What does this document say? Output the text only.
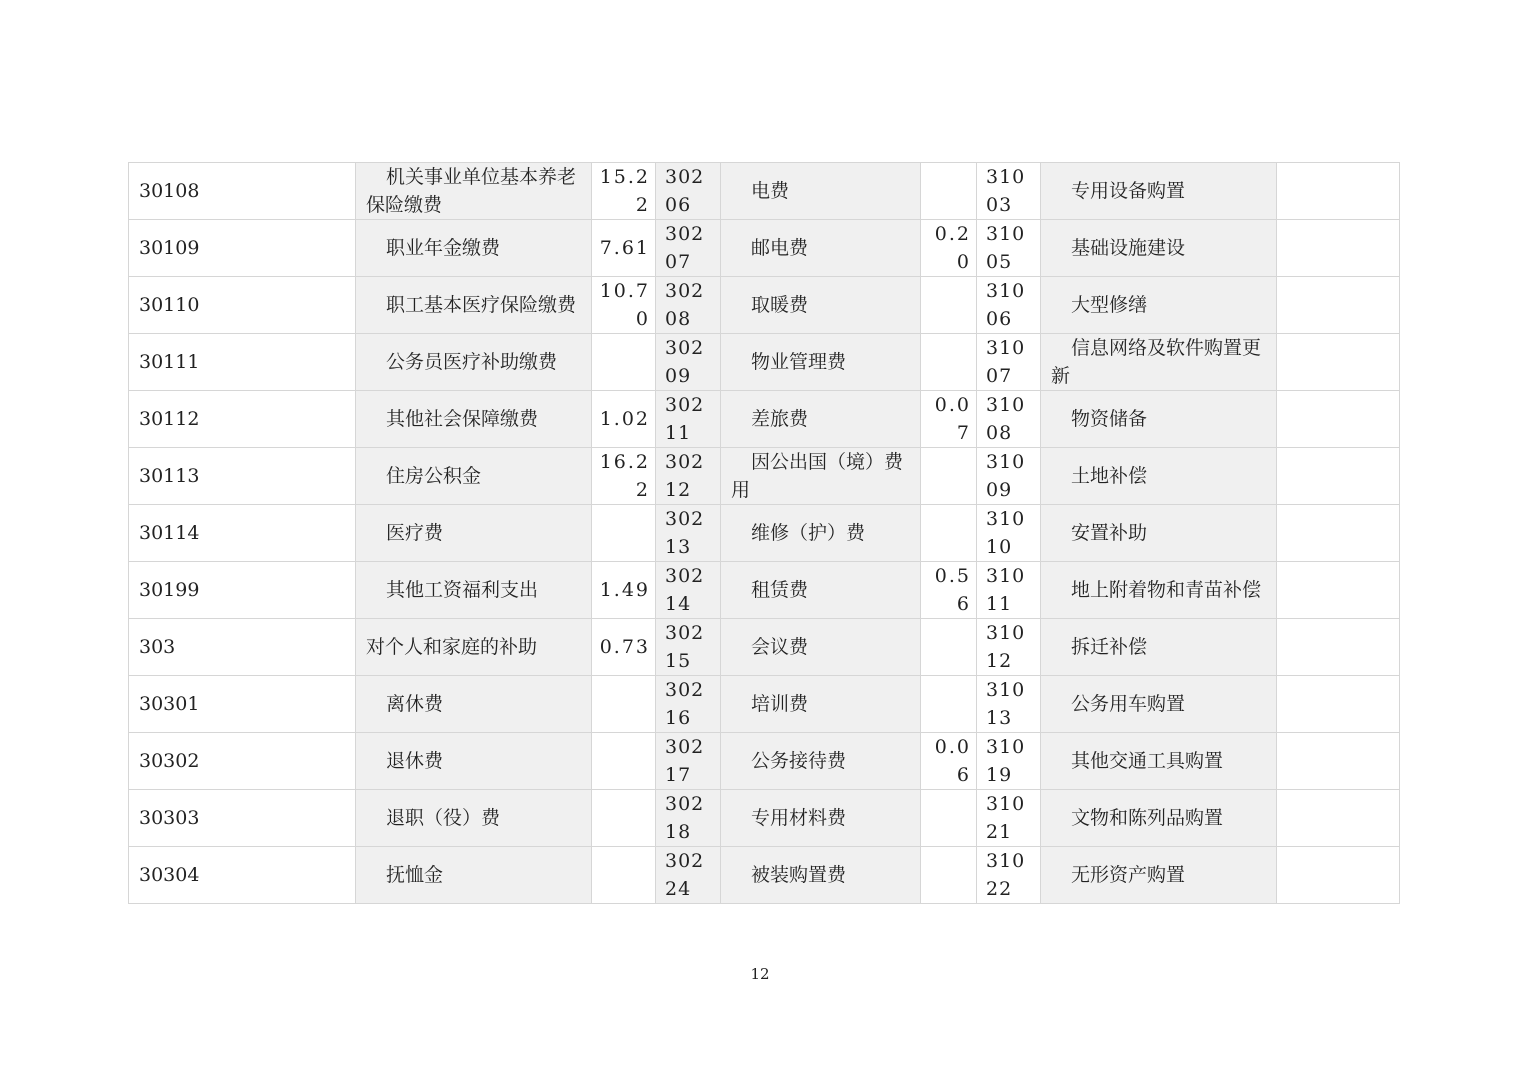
30108	机关事业单位基本养老保险缴费	15.22	30206	电费		31003	专用设备购置	
30109	职业年金缴费	7.61	30207	邮电费	0.20	31005	基础设施建设	
30110	职工基本医疗保险缴费	10.70	30208	取暖费		31006	大型修缮	
30111	公务员医疗补助缴费		30209	物业管理费		31007	信息网络及软件购置更新	
30112	其他社会保障缴费	1.02	30211	差旅费	0.07	31008	物资储备	
30113	住房公积金	16.22	30212	因公出国（境）费用		31009	土地补偿	
30114	医疗费		30213	维修（护）费		31010	安置补助	
30199	其他工资福利支出	1.49	30214	租赁费	0.56	31011	地上附着物和青苗补偿	
303	对个人和家庭的补助	0.73	30215	会议费		31012	拆迁补偿	
30301	离休费		30216	培训费		31013	公务用车购置	
30302	退休费		30217	公务接待费	0.06	31019	其他交通工具购置	
30303	退职（役）费		30218	专用材料费		31021	文物和陈列品购置	
30304	抚恤金		30224	被装购置费		31022	无形资产购置	
12
